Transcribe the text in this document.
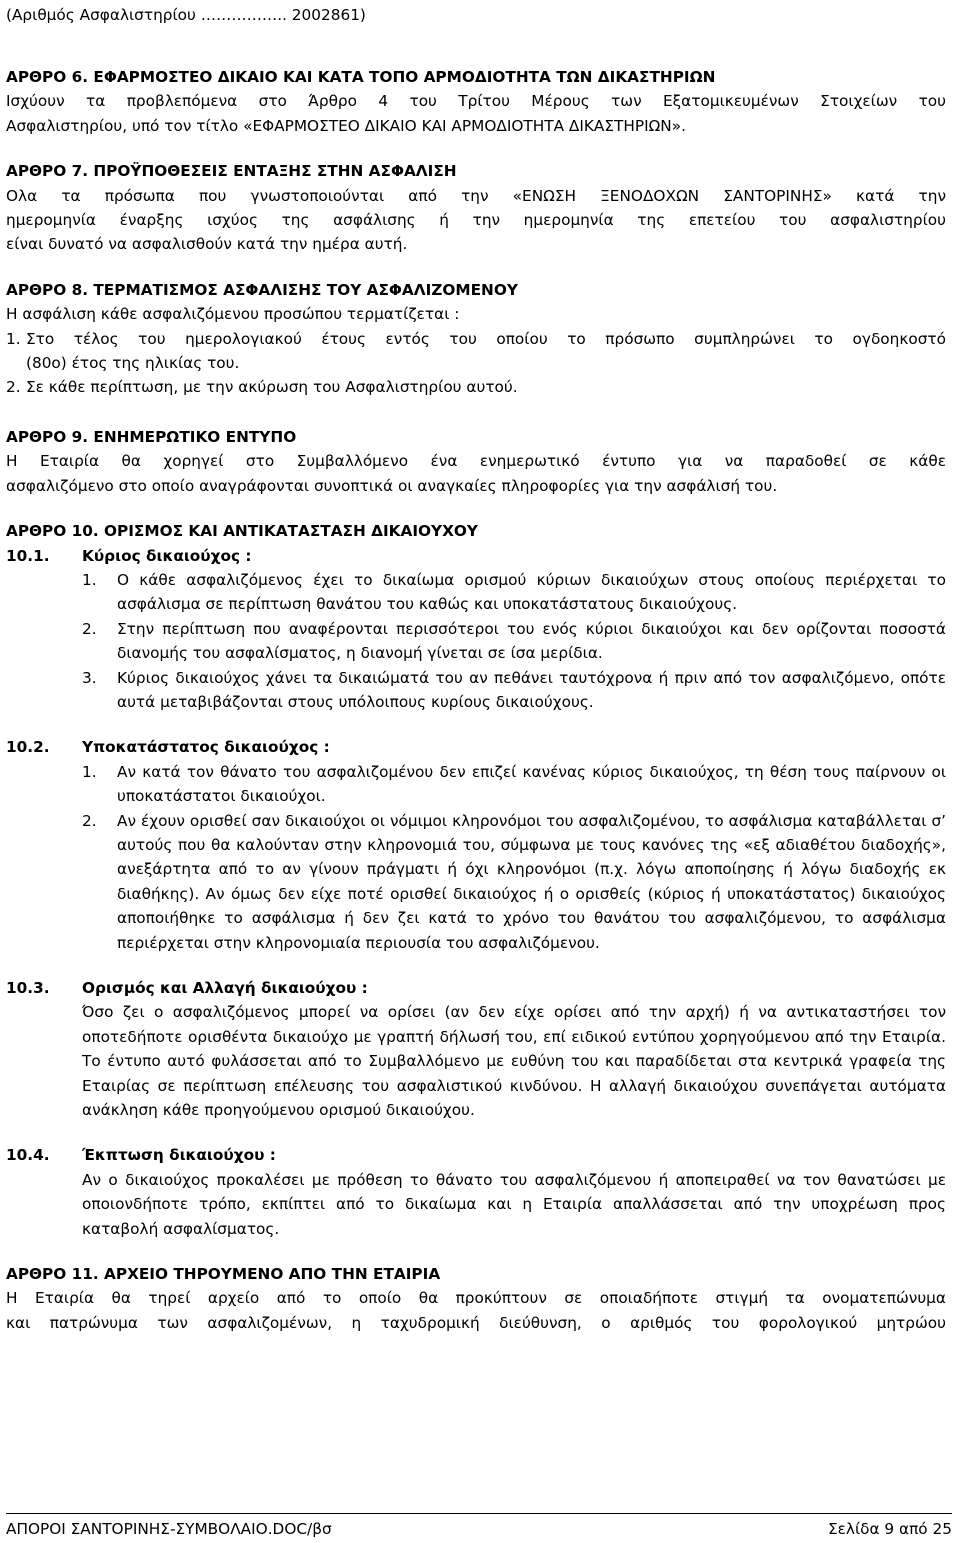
(Αριθμός Ασφαλιστηρίου …………….. 2002861)

ΑΡΘΡΟ 6. ΕΦΑΡΜΟΣΤΕΟ ΔΙΚΑΙΟ ΚΑΙ ΚΑΤΑ ΤΟΠΟ ΑΡΜΟΔΙΟΤΗΤΑ ΤΩΝ ΔΙΚΑΣΤΗΡΙΩΝ

Ισχύουν τα προβλεπόμενα στο Άρθρο 4 του Τρίτου Μέρους των Εξατομικευμένων Στοιχείων του

Ασφαλιστηρίου, υπό τον τίτλο «ΕΦΑΡΜΟΣΤΕΟ ΔΙΚΑΙΟ ΚΑΙ ΑΡΜΟΔΙΟΤΗΤΑ ΔΙΚΑΣΤΗΡΙΩΝ».

ΑΡΘΡΟ 7. ΠΡΟΫΠΟΘΕΣΕΙΣ ΕΝΤΑΞΗΣ ΣΤΗΝ ΑΣΦΑΛΙΣΗ

Ολα τα πρόσωπα που γνωστοποιούνται από την «ΕΝΩΣΗ ΞΕΝΟΔΟΧΩΝ ΣΑΝΤΟΡΙΝΗΣ» κατά την

ημερομηνία έναρξης ισχύος της ασφάλισης ή την ημερομηνία της επετείου του ασφαλιστηρίου

είναι δυνατό να ασφαλισθούν κατά την ημέρα αυτή.

ΑΡΘΡΟ 8. ΤΕΡΜΑΤΙΣΜΟΣ ΑΣΦΑΛΙΣΗΣ ΤΟΥ ΑΣΦΑΛΙΖΟΜΕΝΟΥ

Η ασφάλιση κάθε ασφαλιζόμενου προσώπου τερματίζεται :

1. Στο τέλος του ημερολογιακού έτους εντός του οποίου το πρόσωπο συμπληρώνει το ογδοηκοστό
(80ο) έτος της ηλικίας του.
2. Σε κάθε περίπτωση, με την ακύρωση του Ασφαλιστηρίου αυτού.

ΑΡΘΡΟ 9. ΕΝΗΜΕΡΩΤΙΚΟ ΕΝΤΥΠΟ

Η Εταιρία θα χορηγεί στο Συμβαλλόμενο ένα ενημερωτικό έντυπο για να παραδοθεί σε κάθε

ασφαλιζόμενο στο οποίο αναγράφονται συνοπτικά οι αναγκαίες πληροφορίες για την ασφάλισή του.

ΑΡΘΡΟ 10. ΟΡΙΣΜΟΣ ΚΑΙ ΑΝΤΙΚΑΤΑΣΤΑΣΗ ΔΙΚΑΙΟΥΧΟΥ

10.1.	Κύριος δικαιούχος :
1.	Ο κάθε ασφαλιζόμενος έχει το δικαίωμα ορισμού κύριων δικαιούχων στους οποίους περιέρχεται το ασφάλισμα σε περίπτωση θανάτου του καθώς και υποκατάστατους δικαιούχους.
2.	Στην περίπτωση που αναφέρονται περισσότεροι του ενός κύριοι δικαιούχοι και δεν ορίζονται ποσοστά διανομής του ασφαλίσματος, η διανομή γίνεται σε ίσα μερίδια.
3.	Κύριος δικαιούχος χάνει τα δικαιώματά του αν πεθάνει ταυτόχρονα ή πριν από τον ασφαλιζόμενο, οπότε αυτά μεταβιβάζονται στους υπόλοιπους κυρίους δικαιούχους.
10.2.	Υποκατάστατος δικαιούχος :
1.	Αν κατά τον θάνατο του ασφαλιζομένου δεν επιζεί κανένας κύριος δικαιούχος, τη θέση τους παίρνουν οι υποκατάστατοι δικαιούχοι.
2.	Αν έχουν ορισθεί σαν δικαιούχοι οι νόμιμοι κληρονόμοι του ασφαλιζομένου, το ασφάλισμα καταβάλλεται σ’ αυτούς που θα καλούνταν στην κληρονομιά του, σύμφωνα με τους κανόνες της «εξ αδιαθέτου διαδοχής», ανεξάρτητα από το αν γίνουν πράγματι ή όχι κληρονόμοι (π.χ. λόγω αποποίησης ή λόγω διαδοχής εκ διαθήκης). Αν όμως δεν είχε ποτέ ορισθεί δικαιούχος ή ο ορισθείς (κύριος ή υποκατάστατος) δικαιούχος αποποιήθηκε το ασφάλισμα ή δεν ζει κατά το χρόνο του θανάτου του ασφαλιζόμενου, το ασφάλισμα περιέρχεται στην κληρονομιαία περιουσία του ασφαλιζόμενου.
10.3.	Ορισμός και Αλλαγή δικαιούχου :

Όσο ζει ο ασφαλιζόμενος μπορεί να ορίσει (αν δεν είχε ορίσει από την αρχή) ή να αντικαταστήσει τον οποτεδήποτε ορισθέντα δικαιούχο με γραπτή δήλωσή του, επί ειδικού εντύπου χορηγούμενου από την Εταιρία. Το έντυπο αυτό φυλάσσεται από το Συμβαλλόμενο με ευθύνη του και παραδίδεται στα κεντρικά γραφεία της Εταιρίας σε περίπτωση επέλευσης του ασφαλιστικού κινδύνου. Η αλλαγή δικαιούχου συνεπάγεται αυτόματα ανάκληση κάθε προηγούμενου ορισμού δικαιούχου.

10.4.	Έκπτωση δικαιούχου :

Αν ο δικαιούχος προκαλέσει με πρόθεση το θάνατο του ασφαλιζόμενου ή αποπειραθεί να τον θανατώσει με οποιονδήποτε τρόπο, εκπίπτει από το δικαίωμα και η Εταιρία απαλλάσσεται από την υποχρέωση προς καταβολή ασφαλίσματος.

ΑΡΘΡΟ 11. ΑΡΧΕΙΟ ΤΗΡΟΥΜΕΝΟ ΑΠΟ ΤΗΝ ΕΤΑΙΡΙΑ

Η Εταιρία θα τηρεί αρχείο από το οποίο θα προκύπτουν σε οποιαδήποτε στιγμή τα ονοματεπώνυμα

και πατρώνυμα των ασφαλιζομένων, η ταχυδρομική διεύθυνση, ο αριθμός του φορολογικού μητρώου

ΑΠΟΡΟΙ ΣΑΝΤΟΡΙΝΗΣ-ΣΥΜΒΟΛΑΙΟ.DOC/βσ	Σελίδα 9 από 25
